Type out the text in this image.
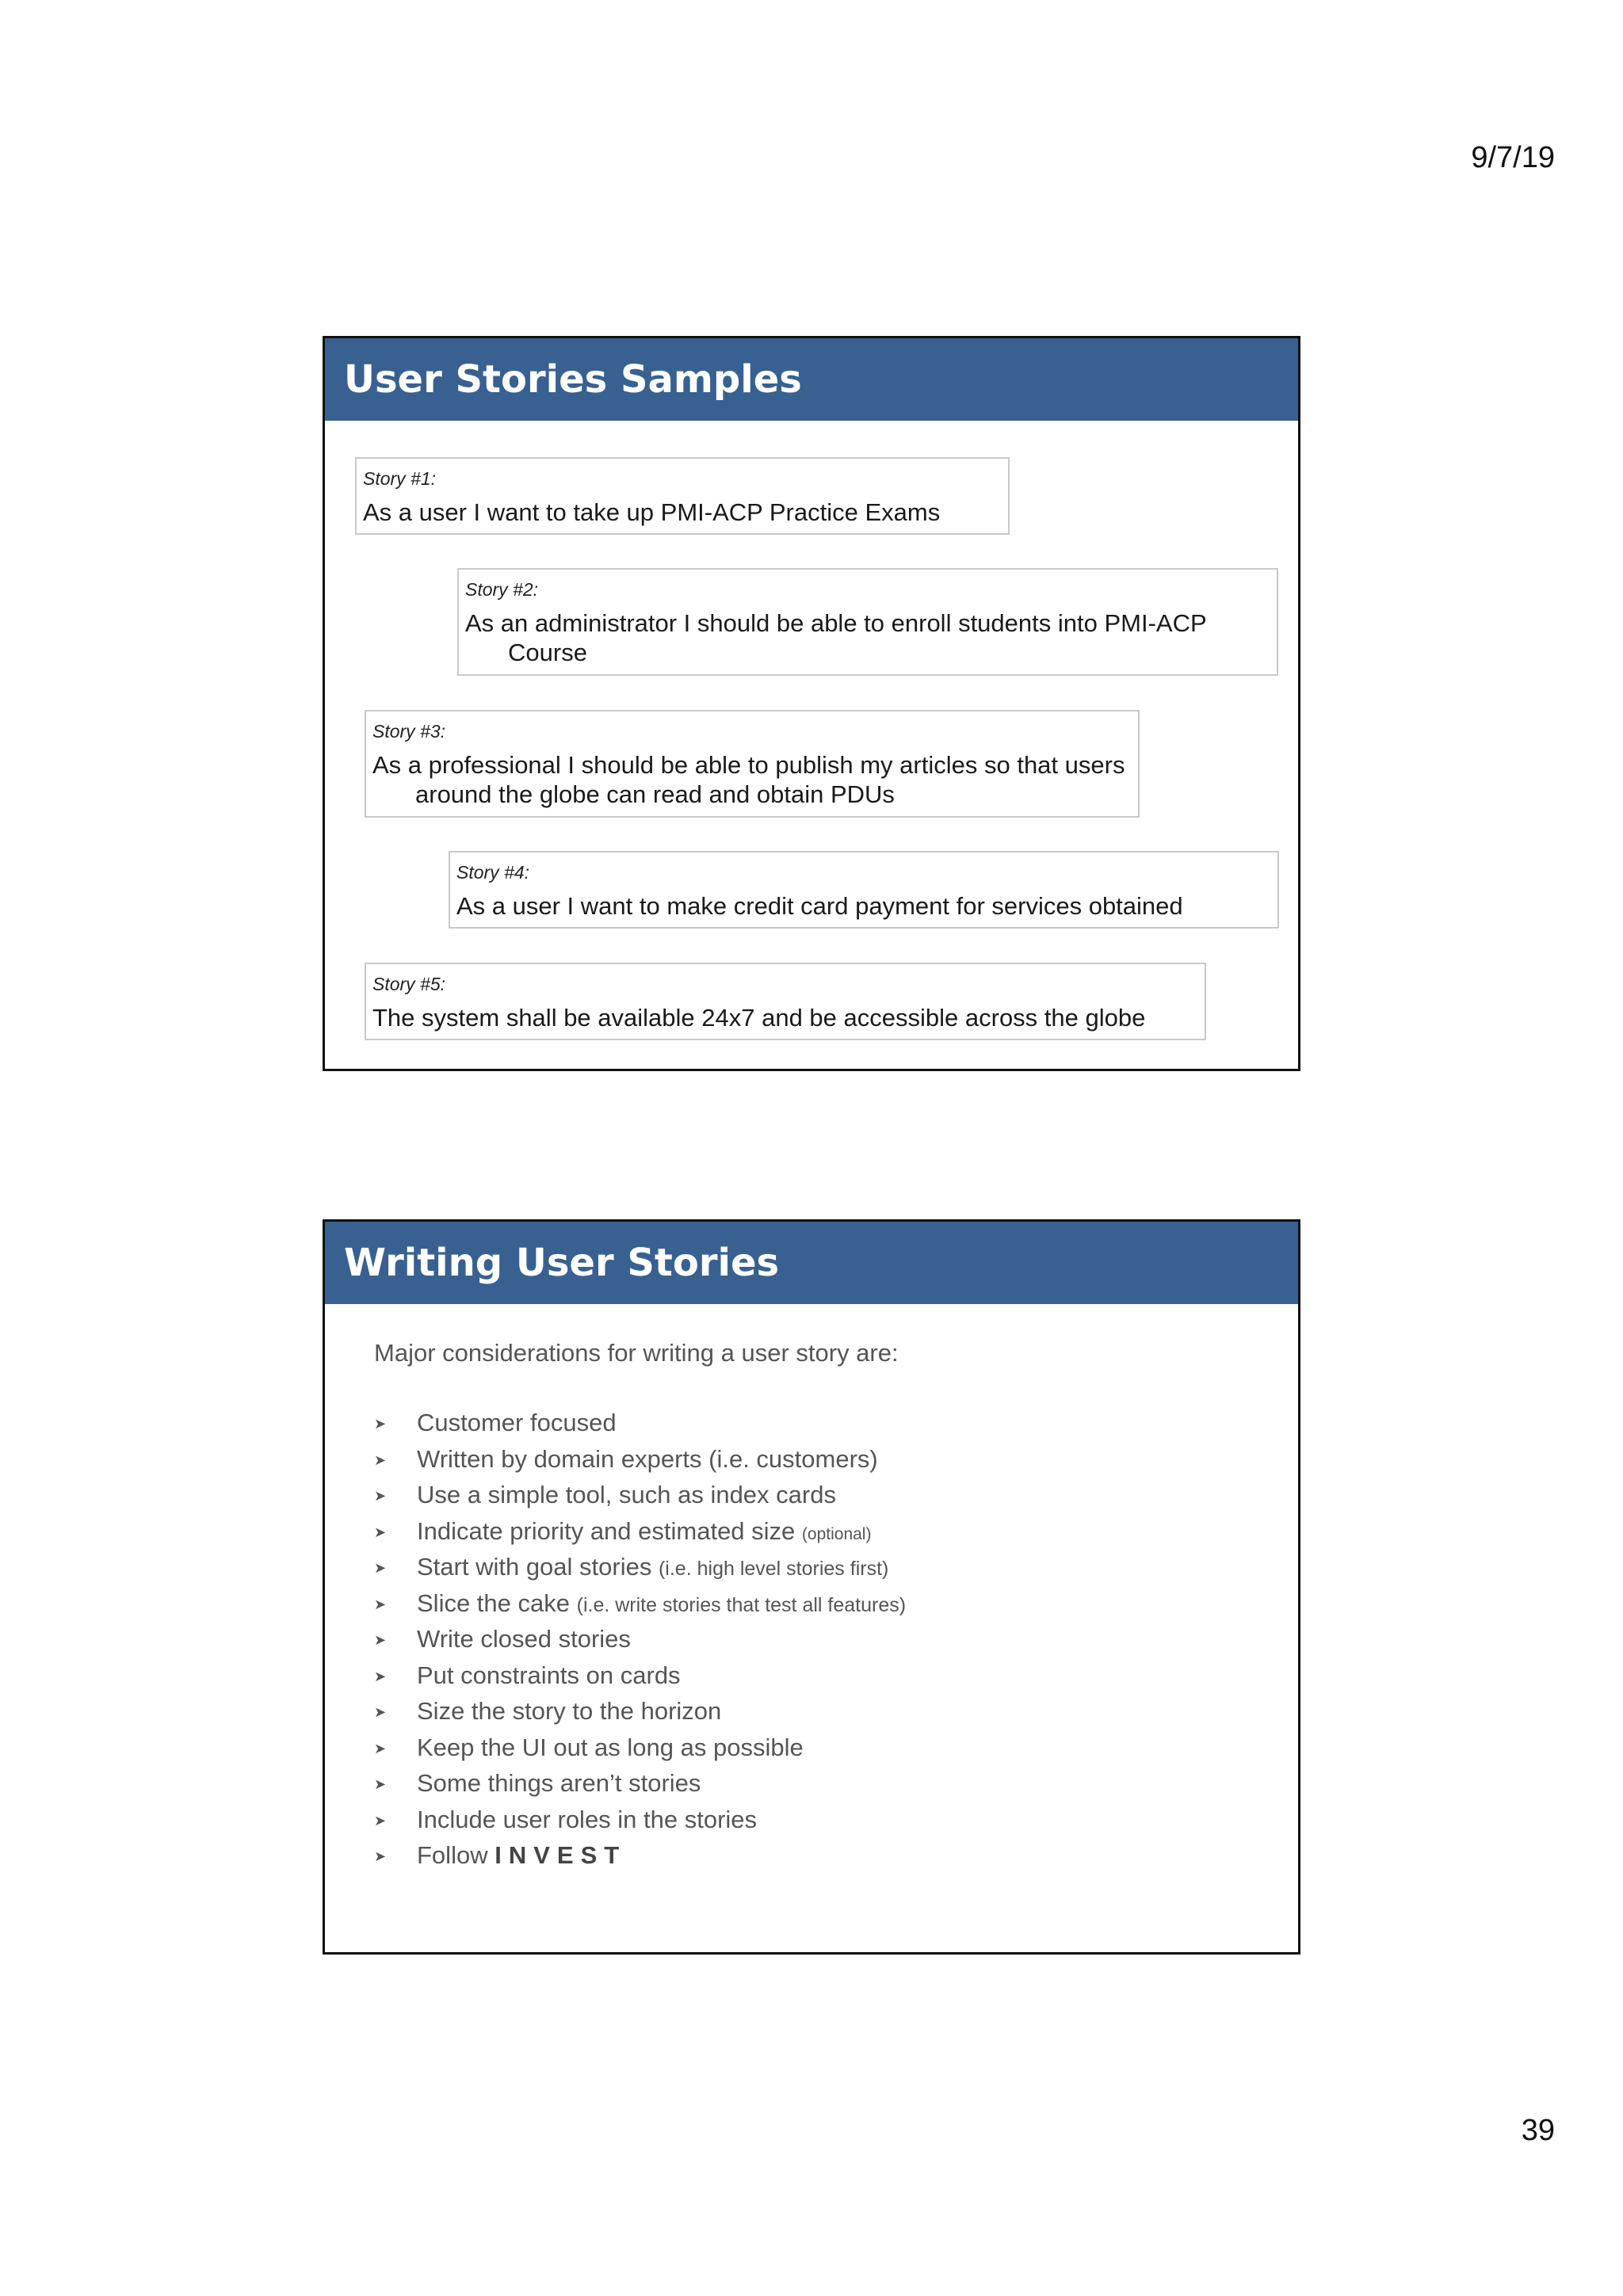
9/7/19
User Stories Samples
Story #1:
As a user I want to take up PMI-ACP Practice Exams
Story #2:
As an administrator I should be able to enroll students into PMI-ACP Course
Story #3:
As a professional I should be able to publish my articles so that users around the globe can read and obtain PDUs
Story #4:
As a user I want to make credit card payment for services obtained
Story #5:
The system shall be available 24x7 and be accessible across the globe
Writing User Stories
Major considerations for writing a user story are:
➤ Customer focused
➤ Written by domain experts (i.e. customers)
➤ Use a simple tool, such as index cards
➤ Indicate priority and estimated size (optional)
➤ Start with goal stories (i.e. high level stories first)
➤ Slice the cake (i.e. write stories that test all features)
➤ Write closed stories
➤ Put constraints on cards
➤ Size the story to the horizon
➤ Keep the UI out as long as possible
➤ Some things aren’t stories
➤ Include user roles in the stories
➤ Follow INVEST
39
